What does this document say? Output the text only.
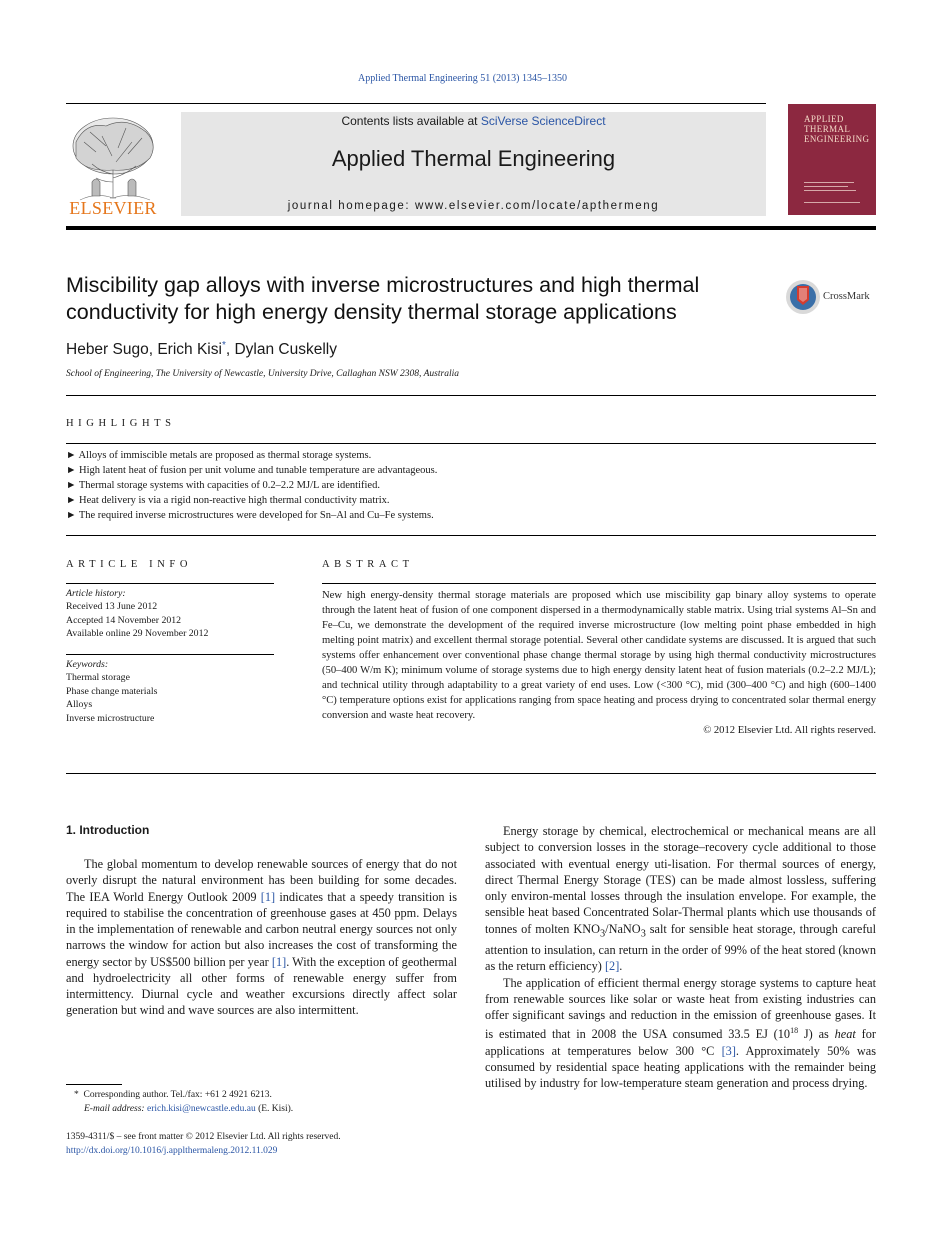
Applied Thermal Engineering 51 (2013) 1345–1350
ELSEVIER
Contents lists available at SciVerse ScienceDirect
Applied Thermal Engineering
journal homepage: www.elsevier.com/locate/apthermeng
APPLIED
THERMAL
ENGINEERING
Miscibility gap alloys with inverse microstructures and high thermal conductivity for high energy density thermal storage applications
CrossMark
Heber Sugo, Erich Kisi*, Dylan Cuskelly
School of Engineering, The University of Newcastle, University Drive, Callaghan NSW 2308, Australia
HIGHLIGHTS
► Alloys of immiscible metals are proposed as thermal storage systems.
► High latent heat of fusion per unit volume and tunable temperature are advantageous.
► Thermal storage systems with capacities of 0.2–2.2 MJ/L are identified.
► Heat delivery is via a rigid non-reactive high thermal conductivity matrix.
► The required inverse microstructures were developed for Sn–Al and Cu–Fe systems.
ARTICLE INFO
Article history:
Received 13 June 2012
Accepted 14 November 2012
Available online 29 November 2012
Keywords:
Thermal storage
Phase change materials
Alloys
Inverse microstructure
ABSTRACT
New high energy-density thermal storage materials are proposed which use miscibility gap binary alloy systems to operate through the latent heat of fusion of one component dispersed in a thermodynamically stable matrix. Using trial systems Al–Sn and Fe–Cu, we demonstrate the development of the required inverse microstructure (low melting point phase embedded in high melting point matrix) and excellent thermal storage potential. Several other candidate systems are discussed. It is argued that such systems offer enhancement over conventional phase change thermal storage by using high thermal conductivity microstructures (50–400 W/m K); minimum volume of storage systems due to high energy density latent heat of fusion materials (0.2–2.2 MJ/L); and technical utility through adaptability to a great variety of end uses. Low (<300 °C), mid (300–400 °C) and high (600–1400 °C) temperature options exist for applications ranging from space heating and process drying to concentrated solar thermal energy conversion and waste heat recovery.
© 2012 Elsevier Ltd. All rights reserved.
1. Introduction

The global momentum to develop renewable sources of energy that do not overly disrupt the natural environment has been building for some decades. The IEA World Energy Outlook 2009 [1] indicates that a speedy transition is required to stabilise the concentration of greenhouse gases at 450 ppm. Delays in the implementation of renewable and carbon neutral energy sources not only narrows the window for action but also increases the cost of transforming the energy sector by US$500 billion per year [1]. With the exception of geothermal and hydroelectricity all other forms of renewable energy suffer from intermittency. Diurnal cycle and weather excursions directly affect solar generation but wind and wave sources are also intermittent.

Energy storage by chemical, electrochemical or mechanical means are all subject to conversion losses in the storage–recovery cycle additional to those associated with eventual energy uti-lisation. For thermal sources of energy, direct Thermal Energy Storage (TES) can be made almost lossless, suffering only environ-mental losses through the insulation envelope. For example, the sensible heat based Concentrated Solar-Thermal plants which use thousands of tonnes of molten $KNO_3/NaNO_3$ salt for sensible heat storage, through careful attention to insulation, can return in the order of 99% of the heat stored (known as the return efficiency) [2].

The application of efficient thermal energy storage systems to capture heat from renewable sources like solar or waste heat from existing industries can offer significant savings and reduction in the emission of greenhouse gases. It is estimated that in 2008 the USA consumed 33.5 EJ ($10^{18}$ J) as heat for applications at temperatures below 300 °C [3]. Approximately 50% was consumed by residential space heating applications with the remainder being utilised by industry for low-temperature steam generation and process drying.

* Corresponding author. Tel./fax: +61 2 4921 6213.
E-mail address: erich.kisi@newcastle.edu.au (E. Kisi).
1359-4311/$ – see front matter © 2012 Elsevier Ltd. All rights reserved.
http://dx.doi.org/10.1016/j.applthermaleng.2012.11.029
